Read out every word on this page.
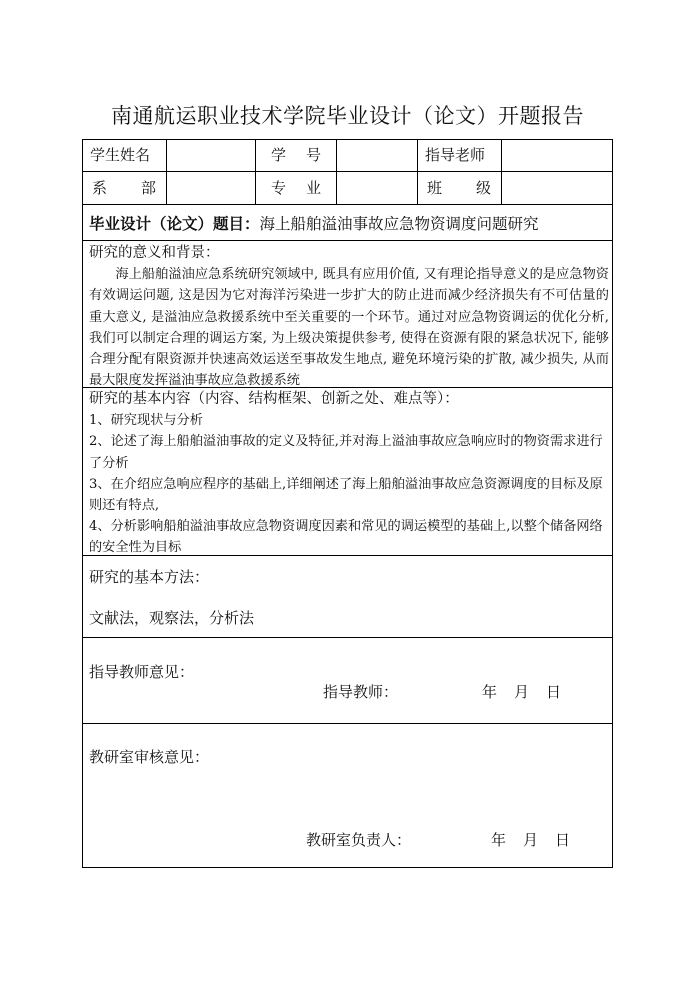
南通航运职业技术学院毕业设计（论文）开题报告
学生姓名	学 号	指导老师
系 部	专 业	班 级
毕业设计（论文）题目：海上船舶溢油事故应急物资调度问题研究
研究的意义和背景：
海上船舶溢油应急系统研究领域中, 既具有应用价值, 又有理论指导意义的是应急物资有效调运问题, 这是因为它对海洋污染进一步扩大的防止进而减少经济损失有不可估量的重大意义, 是溢油应急救援系统中至关重要的一个环节。通过对应急物资调运的优化分析, 我们可以制定合理的调运方案, 为上级决策提供参考, 使得在资源有限的紧急状况下, 能够合理分配有限资源并快速高效运送至事故发生地点, 避免环境污染的扩散, 减少损失, 从而最大限度发挥溢油事故应急救援系统
研究的基本内容（内容、结构框架、创新之处、难点等）：
1、研究现状与分析
2、论述了海上船舶溢油事故的定义及特征,并对海上溢油事故应急响应时的物资需求进行了分析
3、在介绍应急响应程序的基础上,详细阐述了海上船舶溢油事故应急资源调度的目标及原则还有特点,
4、分析影响船舶溢油事故应急物资调度因素和常见的调运模型的基础上,以整个储备网络的安全性为目标
研究的基本方法：
文献法，观察法，分析法
指导教师意见：
指导教师：	年 月 日
教研室审核意见：
教研室负责人：	年 月 日
